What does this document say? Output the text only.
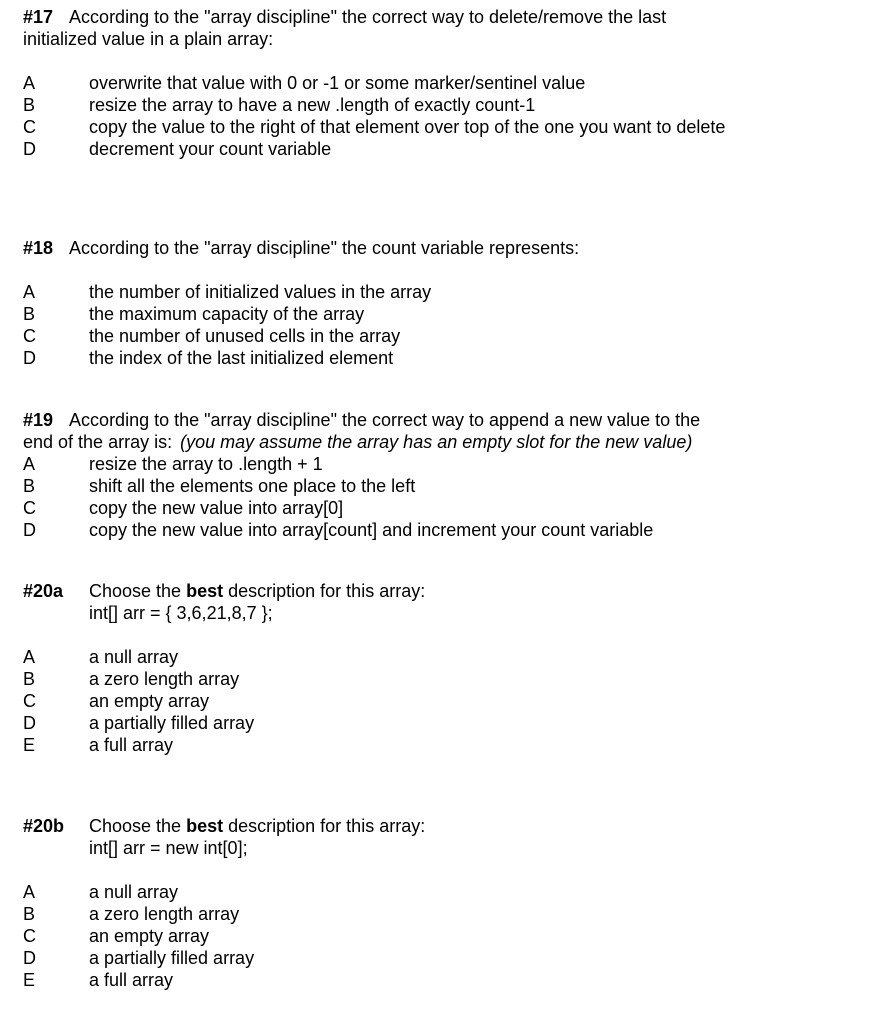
#17 According to the "array discipline" the correct way to delete/remove the last
initialized value in a plain array:
A	overwrite that value with 0 or -1 or some marker/sentinel value
B	resize the array to have a new .length of exactly count-1
C	copy the value to the right of that element over top of the one you want to delete
D	decrement your count variable
#18 According to the "array discipline" the count variable represents:
A	the number of initialized values in the array
B	the maximum capacity of the array
C	the number of unused cells in the array
D	the index of the last initialized element
#19 According to the "array discipline" the correct way to append a new value to the
end of the array is: (you may assume the array has an empty slot for the new value)
A	resize the array to .length + 1
B	shift all the elements one place to the left
C	copy the new value into array[0]
D	copy the new value into array[count] and increment your count variable
#20a	Choose the best description for this array:
int[] arr = { 3,6,21,8,7 };
A	a null array
B	a zero length array
C	an empty array
D	a partially filled array
E	a full array
#20b	Choose the best description for this array:
int[] arr = new int[0];
A	a null array
B	a zero length array
C	an empty array
D	a partially filled array
E	a full array
